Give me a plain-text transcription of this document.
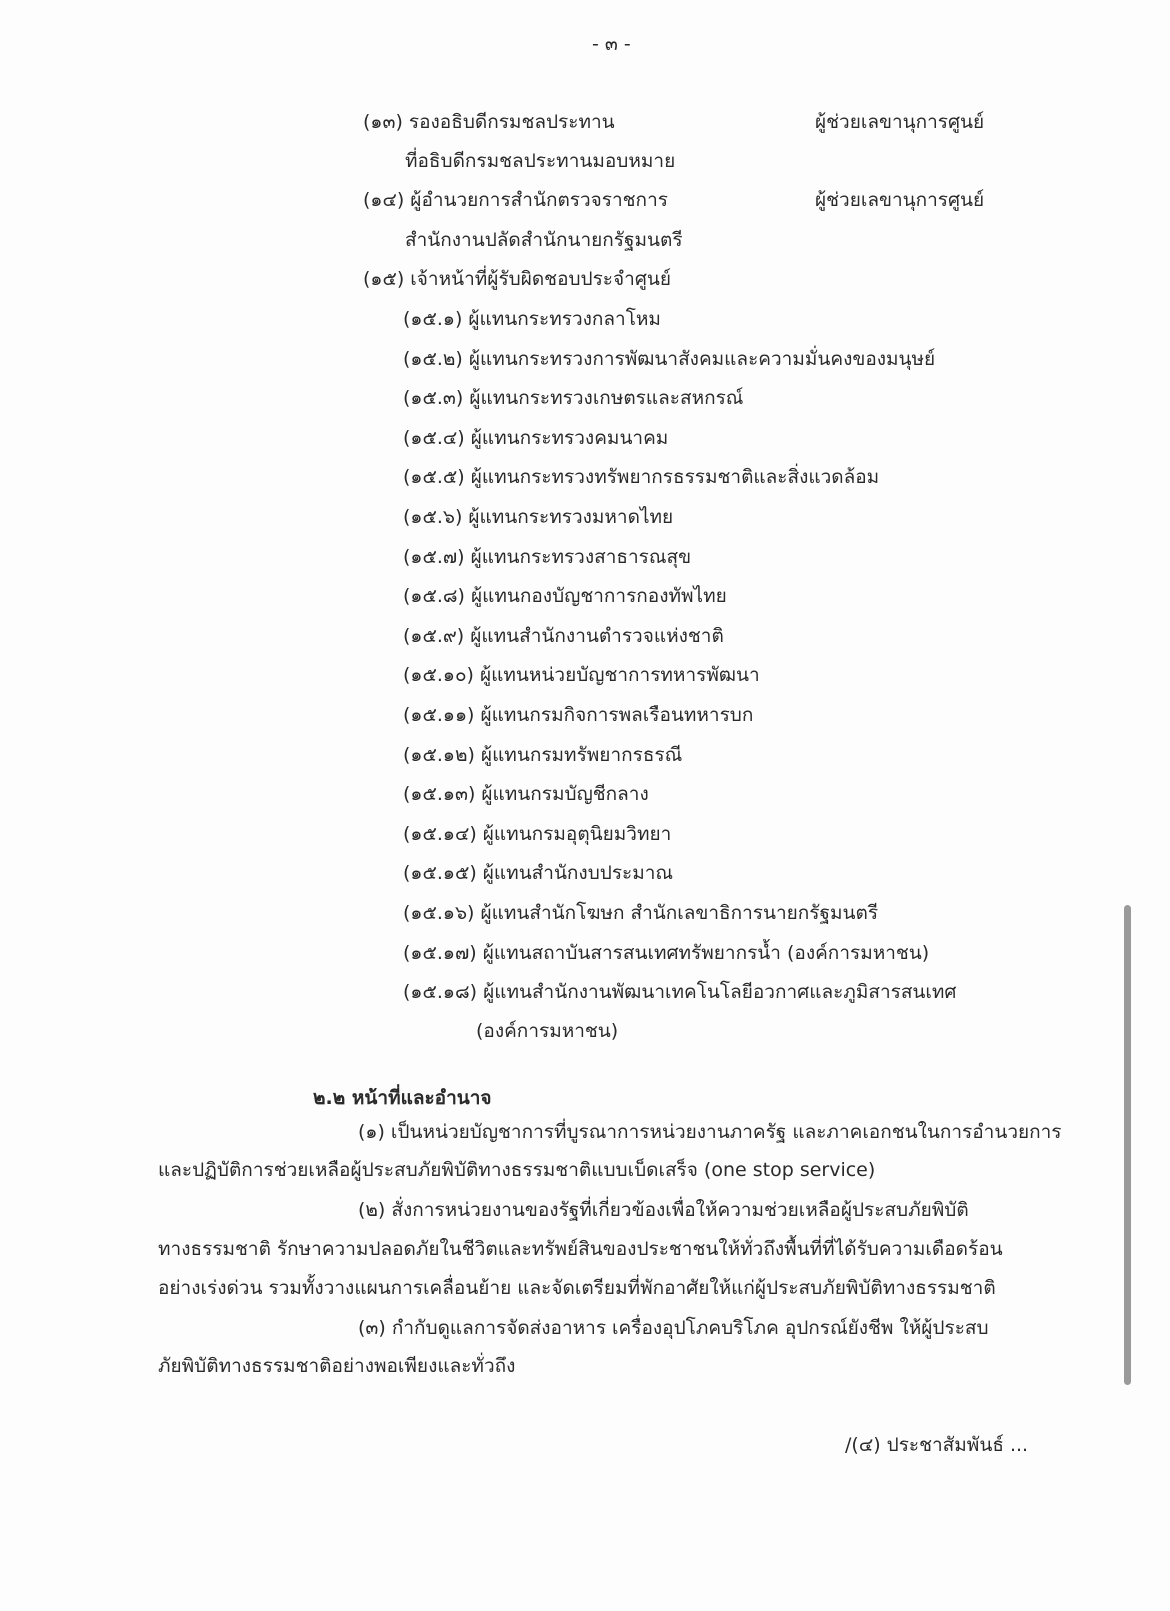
- ๓ -
(๑๓) รองอธิบดีกรมชลประทาน	ผู้ช่วยเลขานุการศูนย์
ที่อธิบดีกรมชลประทานมอบหมาย
(๑๔) ผู้อำนวยการสำนักตรวจราชการ	ผู้ช่วยเลขานุการศูนย์
สำนักงานปลัดสำนักนายกรัฐมนตรี
(๑๕) เจ้าหน้าที่ผู้รับผิดชอบประจำศูนย์
(๑๕.๑) ผู้แทนกระทรวงกลาโหม
(๑๕.๒) ผู้แทนกระทรวงการพัฒนาสังคมและความมั่นคงของมนุษย์
(๑๕.๓) ผู้แทนกระทรวงเกษตรและสหกรณ์
(๑๕.๔) ผู้แทนกระทรวงคมนาคม
(๑๕.๕) ผู้แทนกระทรวงทรัพยากรธรรมชาติและสิ่งแวดล้อม
(๑๕.๖) ผู้แทนกระทรวงมหาดไทย
(๑๕.๗) ผู้แทนกระทรวงสาธารณสุข
(๑๕.๘) ผู้แทนกองบัญชาการกองทัพไทย
(๑๕.๙) ผู้แทนสำนักงานตำรวจแห่งชาติ
(๑๕.๑๐) ผู้แทนหน่วยบัญชาการทหารพัฒนา
(๑๕.๑๑) ผู้แทนกรมกิจการพลเรือนทหารบก
(๑๕.๑๒) ผู้แทนกรมทรัพยากรธรณี
(๑๕.๑๓) ผู้แทนกรมบัญชีกลาง
(๑๕.๑๔) ผู้แทนกรมอุตุนิยมวิทยา
(๑๕.๑๕) ผู้แทนสำนักงบประมาณ
(๑๕.๑๖) ผู้แทนสำนักโฆษก สำนักเลขาธิการนายกรัฐมนตรี
(๑๕.๑๗) ผู้แทนสถาบันสารสนเทศทรัพยากรน้ำ (องค์การมหาชน)
(๑๕.๑๘) ผู้แทนสำนักงานพัฒนาเทคโนโลยีอวกาศและภูมิสารสนเทศ
(องค์การมหาชน)
๒.๒ หน้าที่และอำนาจ
(๑) เป็นหน่วยบัญชาการที่บูรณาการหน่วยงานภาครัฐ และภาคเอกชนในการอำนวยการ
และปฏิบัติการช่วยเหลือผู้ประสบภัยพิบัติทางธรรมชาติแบบเบ็ดเสร็จ (one stop service)
(๒) สั่งการหน่วยงานของรัฐที่เกี่ยวข้องเพื่อให้ความช่วยเหลือผู้ประสบภัยพิบัติ
ทางธรรมชาติ รักษาความปลอดภัยในชีวิตและทรัพย์สินของประชาชนให้ทั่วถึงพื้นที่ที่ได้รับความเดือดร้อน
อย่างเร่งด่วน รวมทั้งวางแผนการเคลื่อนย้าย และจัดเตรียมที่พักอาศัยให้แก่ผู้ประสบภัยพิบัติทางธรรมชาติ
(๓) กำกับดูแลการจัดส่งอาหาร เครื่องอุปโภคบริโภค อุปกรณ์ยังชีพ ให้ผู้ประสบ
ภัยพิบัติทางธรรมชาติอย่างพอเพียงและทั่วถึง
/(๔) ประชาสัมพันธ์ ...
